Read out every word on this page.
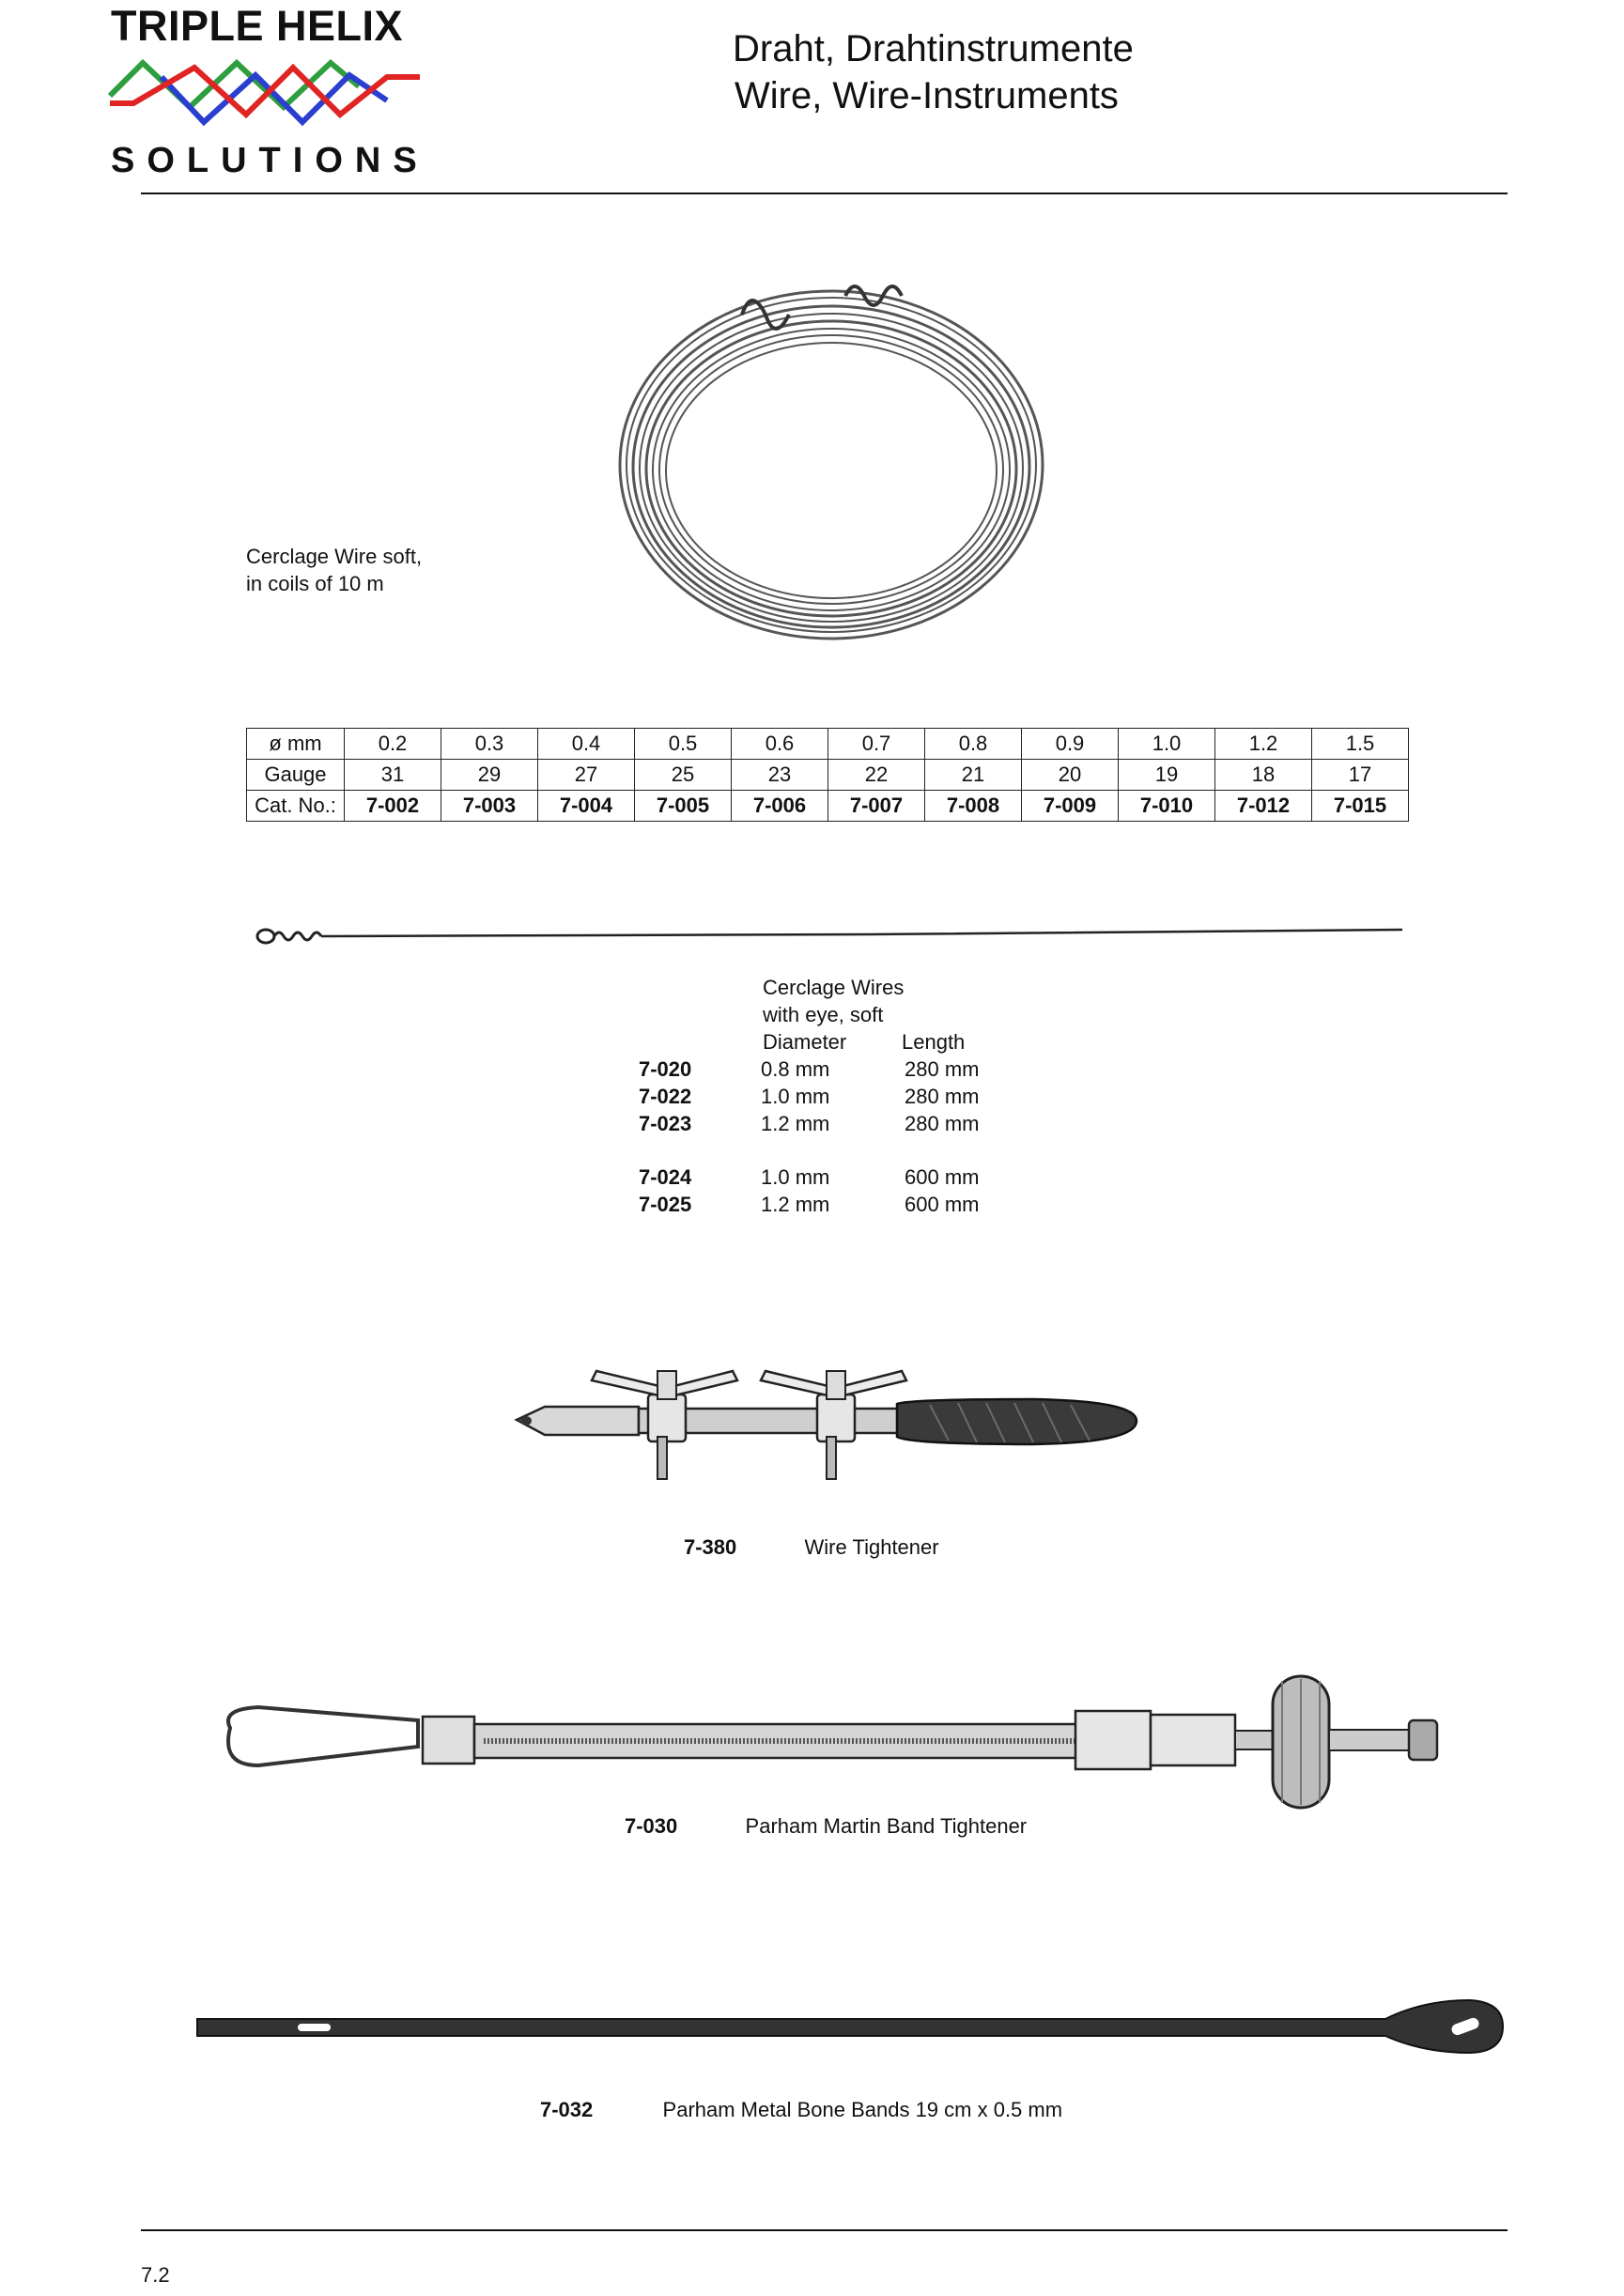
TRIPLE HELIX
SOLUTIONS
Draht, Drahtinstrumente
Wire, Wire-Instruments
Cerclage Wire soft,
in coils of 10 m
ø mm	0.2	0.3	0.4	0.5	0.6	0.7	0.8	0.9	1.0	1.2	1.5
Gauge	31	29	27	25	23	22	21	20	19	18	17
Cat. No.:	7-002	7-003	7-004	7-005	7-006	7-007	7-008	7-009	7-010	7-012	7-015
Cerclage Wires
with eye, soft
Diameter	Length
7-020	0.8 mm	280 mm
7-022	1.0 mm	280 mm
7-023	1.2 mm	280 mm
7-024	1.0 mm	600 mm
7-025	1.2 mm	600 mm
7-380	Wire Tightener
7-030	Parham Martin Band Tightener
7-032	Parham Metal Bone Bands 19 cm x 0.5 mm
7.2
